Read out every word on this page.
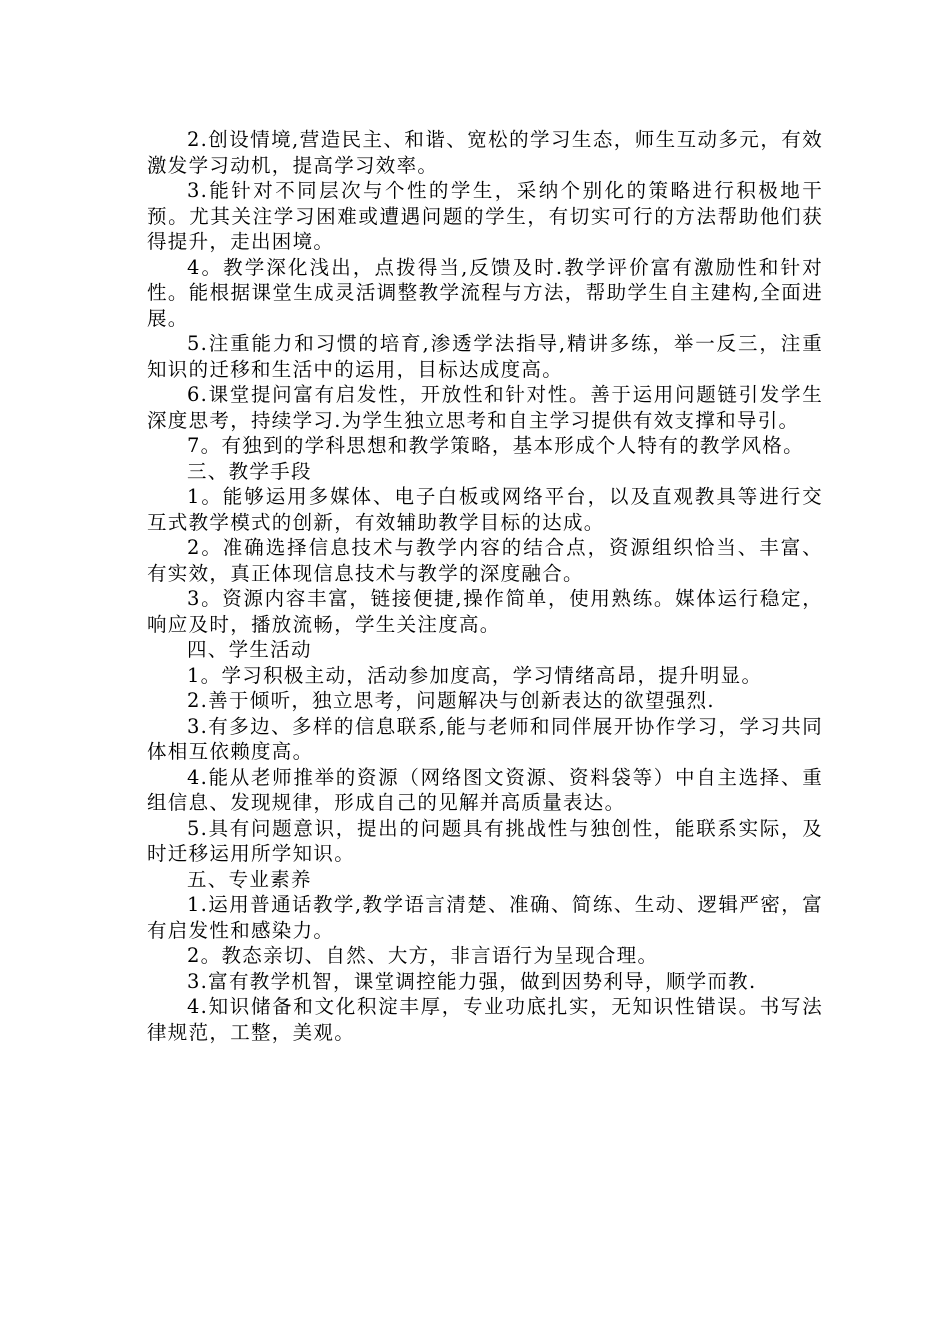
2.创设情境,营造民主、和谐、宽松的学习生态，师生互动多元，有效激发学习动机，提高学习效率。

3.能针对不同层次与个性的学生，采纳个别化的策略进行积极地干预。尤其关注学习困难或遭遇问题的学生，有切实可行的方法帮助他们获得提升，走出困境。

4。教学深化浅出，点拨得当,反馈及时.教学评价富有激励性和针对性。能根据课堂生成灵活调整教学流程与方法，帮助学生自主建构,全面进展。

5.注重能力和习惯的培育,渗透学法指导,精讲多练，举一反三，注重知识的迁移和生活中的运用，目标达成度高。

6.课堂提问富有启发性，开放性和针对性。善于运用问题链引发学生深度思考，持续学习.为学生独立思考和自主学习提供有效支撑和导引。

7。有独到的学科思想和教学策略，基本形成个人特有的教学风格。

三、教学手段

1。能够运用多媒体、电子白板或网络平台，以及直观教具等进行交互式教学模式的创新，有效辅助教学目标的达成。

2。准确选择信息技术与教学内容的结合点，资源组织恰当、丰富、有实效，真正体现信息技术与教学的深度融合。

3。资源内容丰富，链接便捷,操作简单，使用熟练。媒体运行稳定，响应及时，播放流畅，学生关注度高。

四、学生活动

1。学习积极主动，活动参加度高，学习情绪高昂，提升明显。

2.善于倾听，独立思考，问题解决与创新表达的欲望强烈.

3.有多边、多样的信息联系,能与老师和同伴展开协作学习，学习共同体相互依赖度高。

4.能从老师推举的资源（网络图文资源、资料袋等）中自主选择、重组信息、发现规律，形成自己的见解并高质量表达。

5.具有问题意识，提出的问题具有挑战性与独创性，能联系实际，及时迁移运用所学知识。

五、专业素养

1.运用普通话教学,教学语言清楚、准确、简练、生动、逻辑严密，富有启发性和感染力。

2。教态亲切、自然、大方，非言语行为呈现合理。

3.富有教学机智，课堂调控能力强，做到因势利导，顺学而教.

4.知识储备和文化积淀丰厚，专业功底扎实，无知识性错误。书写法律规范，工整，美观。
